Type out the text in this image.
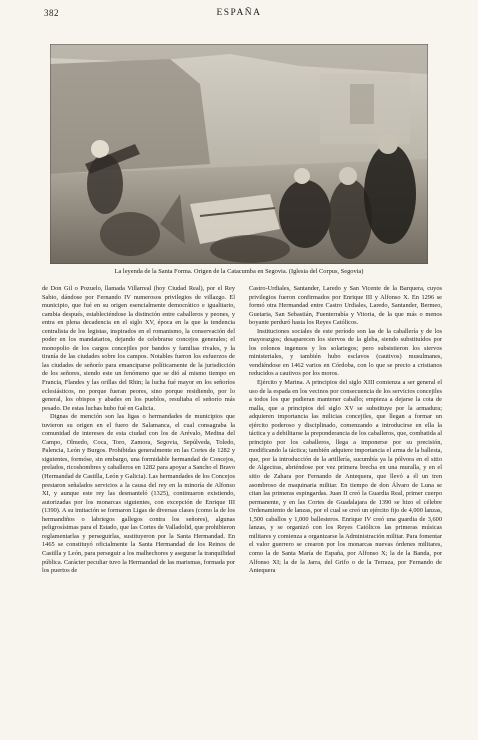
382	ESPAÑA
La leyenda de la Santa Forma. Origen de la Catacumba en Segovia. (Iglesia del Corpus, Segovia)

de Don Gil o Pozuelo, llamada Villarreal (hoy Ciudad Real), por el Rey Sabio, dándose por Fernando IV numerosos privilegios de villazgo. El municipio, que fué en su origen esencialmente democrático e igualitario, cambia después, estableciéndose la distinción entre caballeros y peones, y entra en plena decadencia en el siglo XV, época en la que la tendencia centralista de los legistas, inspirados en el romanismo, la conservación del poder en los mandatarios, dejando de celebrarse concejos generales; el monopolio de los cargos concejiles por bandos y familias rivales, y la tiranía de las ciudades sobre los campos. Notables fueron los esfuerzos de las ciudades de señorío para emanciparse políticamente de la jurisdicción de los señores, siendo este un fenómeno que se dió al mismo tiempo en Francia, Flandes y las orillas del Rhin; la lucha fué mayor en los señoríos eclesiásticos, no porque fueran peores, sino porque residiendo, por lo general, los obispos y abades en los pueblos, resultaba el señorío más pesado. De estas luchas hubo fué en Galicia.

Dignas de mención son las ligas o hermandades de municipios que tuvieron su origen en el fuero de Salamanca, el cual consagraba la comunidad de intereses de esta ciudad con los de Arévalo, Medina del Campo, Olmedo, Coca, Toro, Zamora, Segovia, Sepúlveda, Toledo, Palencia, León y Burgos. Prohibidas generalmente en las Cortes de 1282 y siguientes, formóse, sin embargo, una formidable hermandad de Concejos, prelados, ricoshombres y caballeros en 1282 para apoyar a Sancho el Bravo (Hermandad de Castilla, León y Galicia). Las hermandades de los Concejos prestaron señalados servicios a la causa del rey en la minoría de Alfonso XI, y aunque este rey las desmanteló (1325), continuaron existiendo, autorizadas por los monarcas siguientes, con excepción de Enrique III (1390). A su imitación se formaron Ligas de diversas clases (como la de los hermandiños o labriegos gallegos contra los señores), algunas peligrosísimas para el Estado, que las Cortes de Valladolid, que prohibieron reglamentarlas y perseguirlas, sustituyeron por la Santa Hermandad. En 1465 se constituyó oficialmente la Santa Hermandad de los Reinos de Castilla y León, para perseguir a los malhechores y asegurar la tranquilidad pública. Carácter peculiar tuvo la Hermandad de las marismas, formada por los puertos de

Castro-Urdiales, Santander, Laredo y San Vicente de la Barquera, cuyos privilegios fueron confirmados por Enrique III y Alfonso X. En 1296 se formó otra Hermandad entre Castro Urdiales, Laredo, Santander, Bermeo, Guetaria, San Sebastián, Fuenterrabía y Vitoria, de la que más o menos boyante perduró hasta los Reyes Católicos.

Instituciones sociales de este período son las de la caballería y de los mayorazgos; desaparecen los siervos de la gleba, siendo substituídos por los colonos ingenuos y los solariegos; pero subsistieron los siervos ministeriales, y también hubo esclavos (cautivos) musulmanes, vendiéndose en 1462 varios en Córdoba, con lo que se precio a cristianos reducidos a cautivos por los moros.

Ejército y Marina. A principios del siglo XIII comienza a ser general el uso de la espada en los vecinos por consecuencia de los servicios concejiles a todos los que pudieran mantener caballo; empieza a dejarse la cota de malla, que a principios del siglo XV se substituye por la armadura; adquieren importancia las milicias concejiles, que llegan a formar un ejército poderoso y disciplinado, comenzando a introducirse en ella la táctica y a debilitarse la preponderancia de los caballeros, que, combatida al principio por los caballeros, llega a imponerse por su precisión, modificando la táctica; también adquiere importancia el arma de la ballesta, que, por la introducción de la artillería, sucumbía ya la pólvora en el sitio de Algeciras, abriéndose por vez primera brecha en una muralla, y en el sitio de Zahara por Fernando de Antequera, que llevó a él un tren asombroso de maquinaria militar. En tiempo de don Álvaro de Luna se citan las primeras espingardas. Juan II creó la Guardia Real, primer cuerpo permanente, y en las Cortes de Guadalajara de 1390 se hizo el célebre Ordenamiento de lanzas, por el cual se creó un ejército fijo de 4,000 lanzas, 1,500 caballos y 1,000 ballesteros. Enrique IV creó una guardia de 3,600 lanzas, y se organizó con los Reyes Católicos las primeras músicas militares y comienza a organizarse la Administración militar. Para fomentar el valor guerrero se crearon por los monarcas nuevas órdenes militares, como la de Santa María de España, por Alfonso X; la de la Banda, por Alfonso XI; la de la Jarra, del Grifo o de la Terraza, por Fernando de Antequera
